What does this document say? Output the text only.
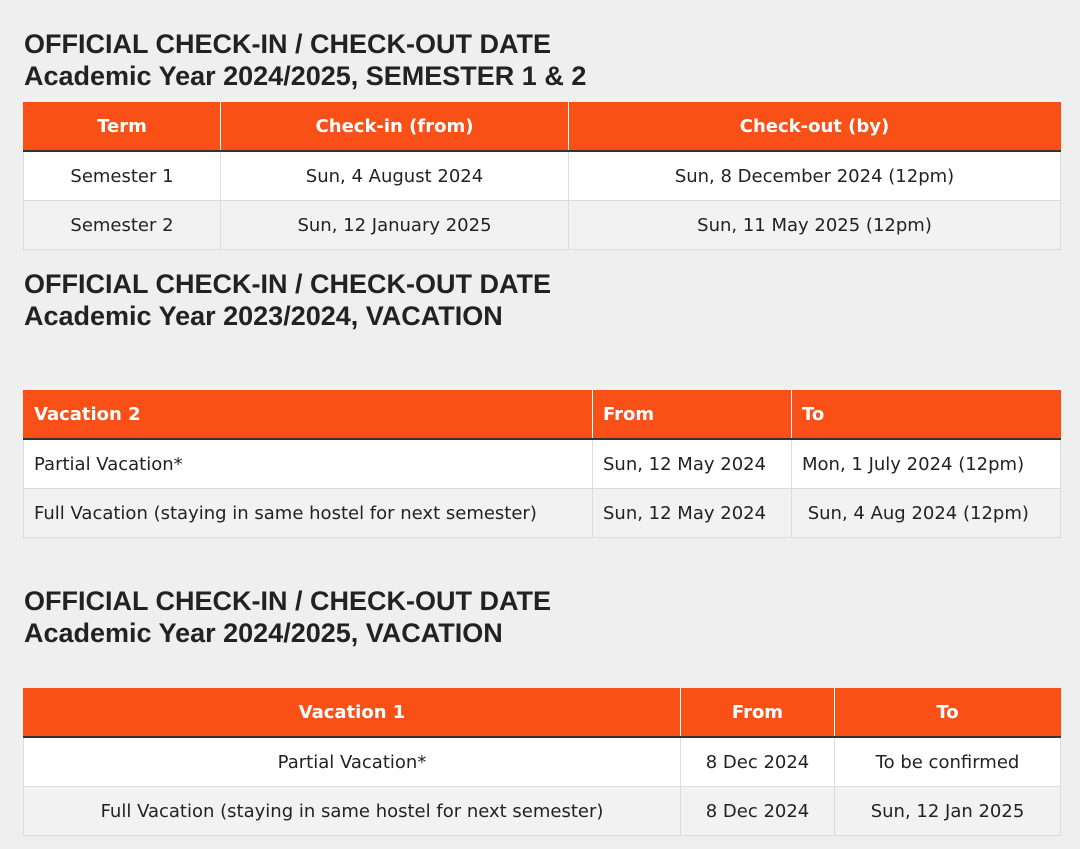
OFFICIAL CHECK-IN / CHECK-OUT DATE
Academic Year 2024/2025, SEMESTER 1 & 2
Term	Check-in (from)	Check-out (by)
Semester 1	Sun, 4 August 2024	Sun, 8 December 2024 (12pm)
Semester 2	Sun, 12 January 2025	Sun, 11 May 2025 (12pm)
OFFICIAL CHECK-IN / CHECK-OUT DATE
Academic Year 2023/2024, VACATION
Vacation 2	From	To
Partial Vacation*	Sun, 12 May 2024	Mon, 1 July 2024 (12pm)
Full Vacation (staying in same hostel for next semester)	Sun, 12 May 2024	Sun, 4 Aug 2024 (12pm)
OFFICIAL CHECK-IN / CHECK-OUT DATE
Academic Year 2024/2025, VACATION
Vacation 1	From	To
Partial Vacation*	8 Dec 2024	To be confirmed
Full Vacation (staying in same hostel for next semester)	8 Dec 2024	Sun, 12 Jan 2025
